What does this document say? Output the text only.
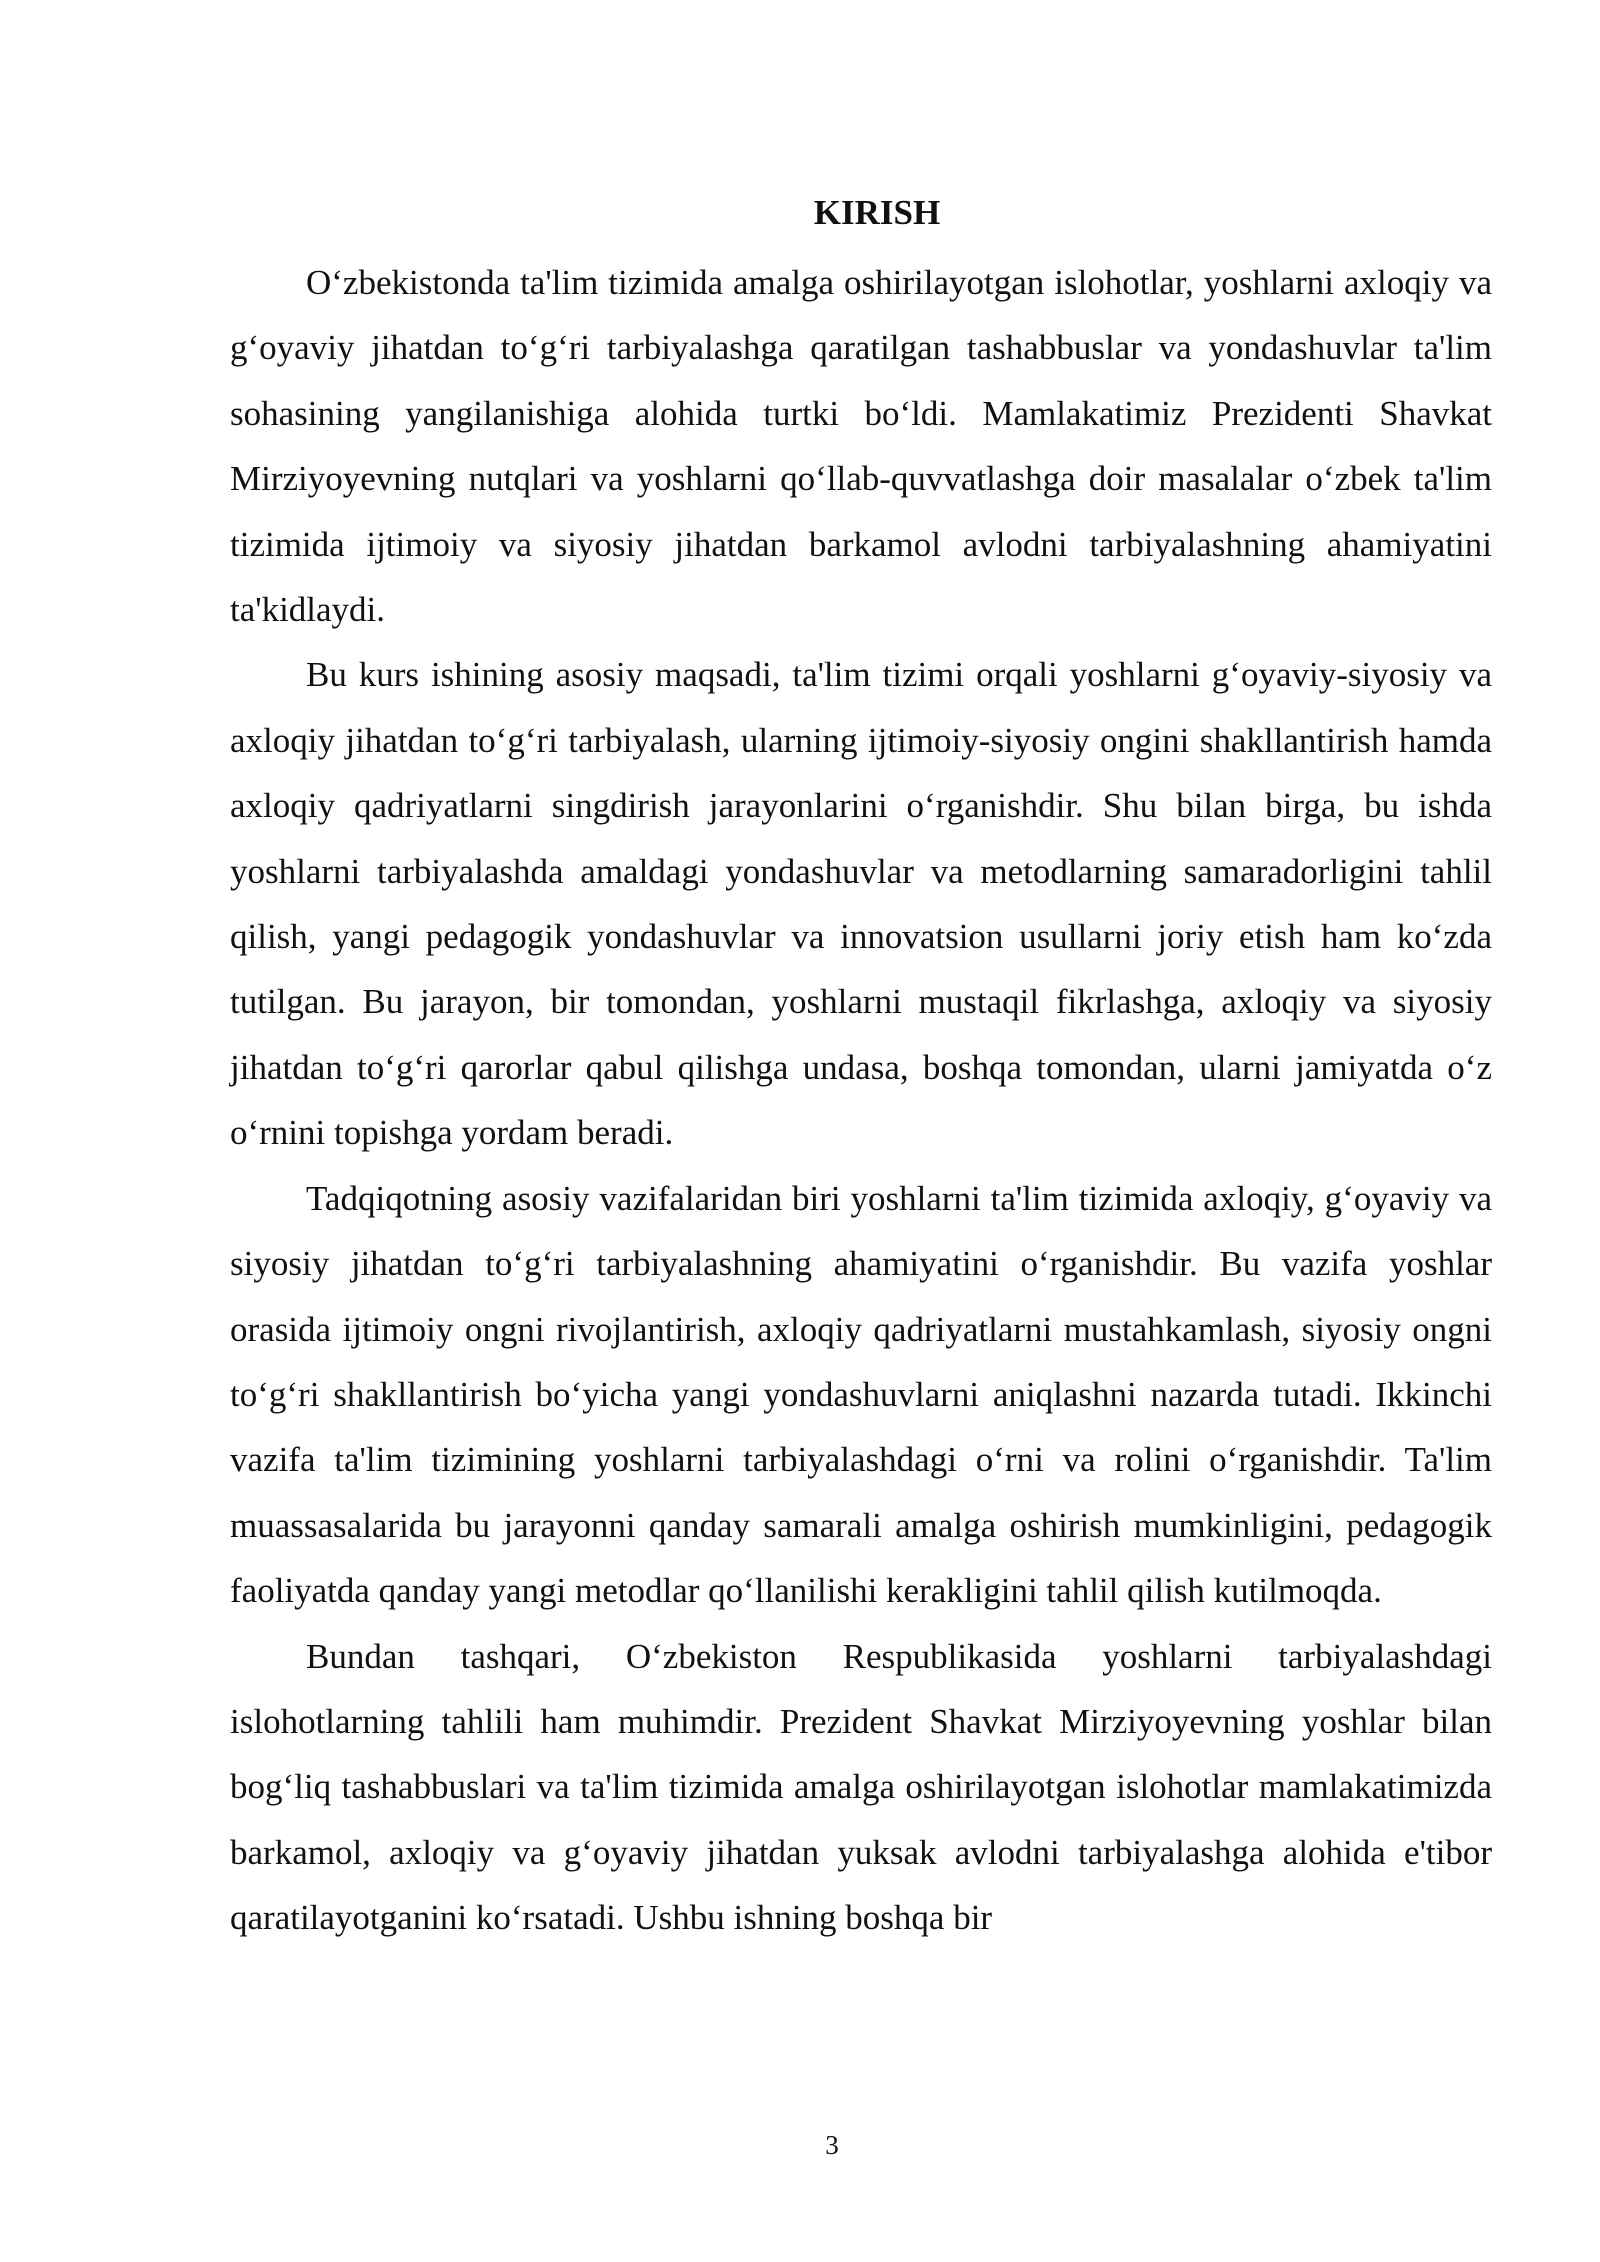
KIRISH

O‘zbekistonda ta'lim tizimida amalga oshirilayotgan islohotlar, yoshlarni axloqiy va g‘oyaviy jihatdan to‘g‘ri tarbiyalashga qaratilgan tashabbuslar va yondashuvlar ta'lim sohasining yangilanishiga alohida turtki bo‘ldi. Mamlakatimiz Prezidenti Shavkat Mirziyoyevning nutqlari va yoshlarni qo‘llab-quvvatlashga doir masalalar o‘zbek ta'lim tizimida ijtimoiy va siyosiy jihatdan barkamol avlodni tarbiyalashning ahamiyatini ta'kidlaydi.

Bu kurs ishining asosiy maqsadi, ta'lim tizimi orqali yoshlarni g‘oyaviy-siyosiy va axloqiy jihatdan to‘g‘ri tarbiyalash, ularning ijtimoiy-siyosiy ongini shakllantirish hamda axloqiy qadriyatlarni singdirish jarayonlarini o‘rganishdir. Shu bilan birga, bu ishda yoshlarni tarbiyalashda amaldagi yondashuvlar va metodlarning samaradorligini tahlil qilish, yangi pedagogik yondashuvlar va innovatsion usullarni joriy etish ham ko‘zda tutilgan. Bu jarayon, bir tomondan, yoshlarni mustaqil fikrlashga, axloqiy va siyosiy jihatdan to‘g‘ri qarorlar qabul qilishga undasa, boshqa tomondan, ularni jamiyatda o‘z o‘rnini topishga yordam beradi.

Tadqiqotning asosiy vazifalaridan biri yoshlarni ta'lim tizimida axloqiy, g‘oyaviy va siyosiy jihatdan to‘g‘ri tarbiyalashning ahamiyatini o‘rganishdir. Bu vazifa yoshlar orasida ijtimoiy ongni rivojlantirish, axloqiy qadriyatlarni mustahkamlash, siyosiy ongni to‘g‘ri shakllantirish bo‘yicha yangi yondashuvlarni aniqlashni nazarda tutadi. Ikkinchi vazifa ta'lim tizimining yoshlarni tarbiyalashdagi o‘rni va rolini o‘rganishdir. Ta'lim muassasalarida bu jarayonni qanday samarali amalga oshirish mumkinligini, pedagogik faoliyatda qanday yangi metodlar qo‘llanilishi kerakligini tahlil qilish kutilmoqda.

Bundan tashqari, O‘zbekiston Respublikasida yoshlarni tarbiyalashdagi islohotlarning tahlili ham muhimdir. Prezident Shavkat Mirziyoyevning yoshlar bilan bog‘liq tashabbuslari va ta'lim tizimida amalga oshirilayotgan islohotlar mamlakatimizda barkamol, axloqiy va g‘oyaviy jihatdan yuksak avlodni tarbiyalashga alohida e'tibor qaratilayotganini ko‘rsatadi. Ushbu ishning boshqa bir

3
